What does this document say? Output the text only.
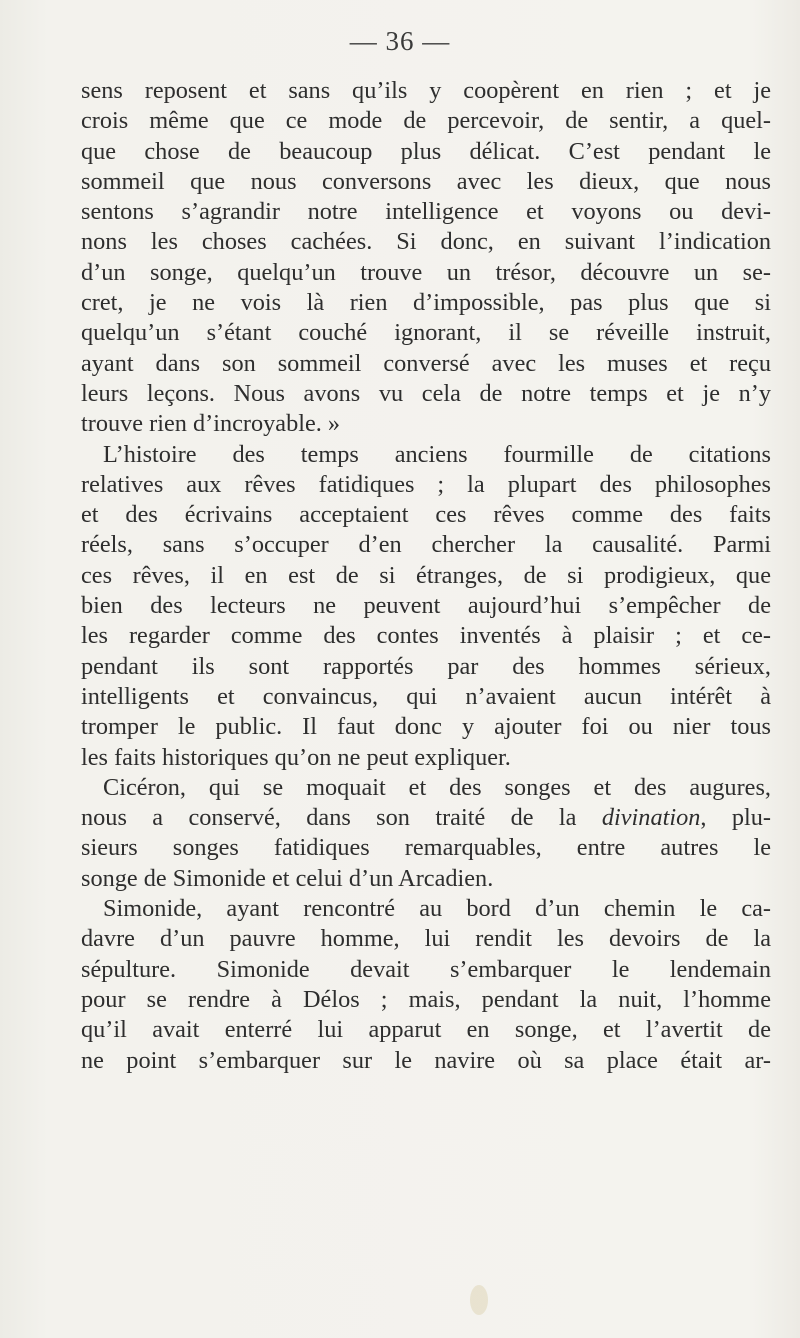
— 36 —
sens reposent et sans qu’ils y coopèrent en rien ; et je
crois même que ce mode de percevoir, de sentir, a quel-
que chose de beaucoup plus délicat. C’est pendant le
sommeil que nous conversons avec les dieux, que nous
sentons s’agrandir notre intelligence et voyons ou devi-
nons les choses cachées. Si donc, en suivant l’indication
d’un songe, quelqu’un trouve un trésor, découvre un se-
cret, je ne vois là rien d’impossible, pas plus que si
quelqu’un s’étant couché ignorant, il se réveille instruit,
ayant dans son sommeil conversé avec les muses et reçu
leurs leçons. Nous avons vu cela de notre temps et je n’y
trouve rien d’incroyable. »
L’histoire des temps anciens fourmille de citations
relatives aux rêves fatidiques ; la plupart des philosophes
et des écrivains acceptaient ces rêves comme des faits
réels, sans s’occuper d’en chercher la causalité. Parmi
ces rêves, il en est de si étranges, de si prodigieux, que
bien des lecteurs ne peuvent aujourd’hui s’empêcher de
les regarder comme des contes inventés à plaisir ; et ce-
pendant ils sont rapportés par des hommes sérieux,
intelligents et convaincus, qui n’avaient aucun intérêt à
tromper le public. Il faut donc y ajouter foi ou nier tous
les faits historiques qu’on ne peut expliquer.
Cicéron, qui se moquait et des songes et des augures,
nous a conservé, dans son traité de la divination, plu-
sieurs songes fatidiques remarquables, entre autres le
songe de Simonide et celui d’un Arcadien.
Simonide, ayant rencontré au bord d’un chemin le ca-
davre d’un pauvre homme, lui rendit les devoirs de la
sépulture. Simonide devait s’embarquer le lendemain
pour se rendre à Délos ; mais, pendant la nuit, l’homme
qu’il avait enterré lui apparut en songe, et l’avertit de
ne point s’embarquer sur le navire où sa place était ar-
